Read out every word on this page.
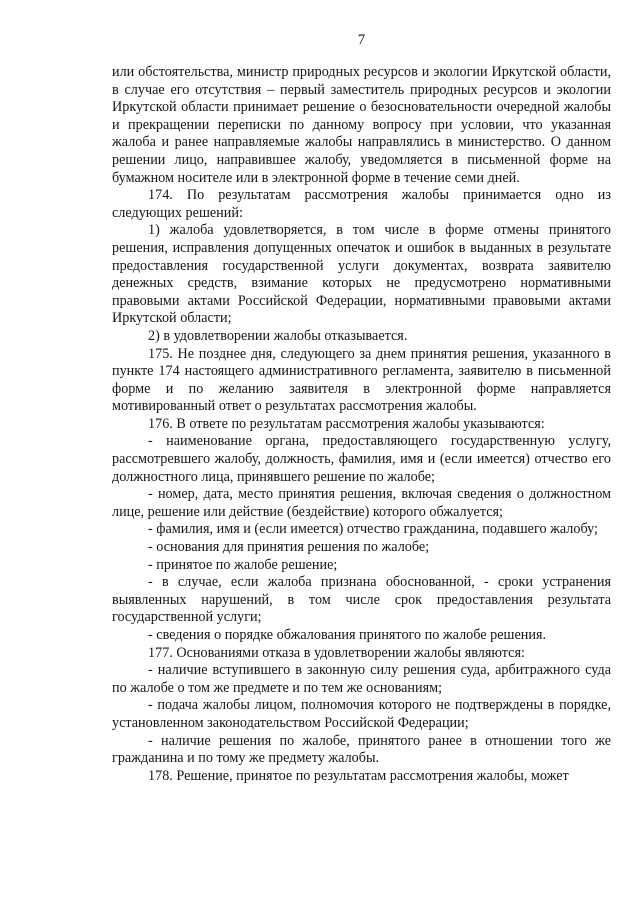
7

или обстоятельства, министр природных ресурсов и экологии Иркутской области, в случае его отсутствия – первый заместитель природных ресурсов и экологии Иркутской области принимает решение о безосновательности очередной жалобы и прекращении переписки по данному вопросу при условии, что указанная жалоба и ранее направляемые жалобы направлялись в министерство. О данном решении лицо, направившее жалобу, уведомляется в письменной форме на бумажном носителе или в электронной форме в течение семи дней.

174. По результатам рассмотрения жалобы принимается одно из следующих решений:

1) жалоба удовлетворяется, в том числе в форме отмены принятого решения, исправления допущенных опечаток и ошибок в выданных в результате предоставления государственной услуги документах, возврата заявителю денежных средств, взимание которых не предусмотрено нормативными правовыми актами Российской Федерации, нормативными правовыми актами Иркутской области;

2) в удовлетворении жалобы отказывается.

175. Не позднее дня, следующего за днем принятия решения, указанного в пункте 174 настоящего административного регламента, заявителю в письменной форме и по желанию заявителя в электронной форме направляется мотивированный ответ о результатах рассмотрения жалобы.

176. В ответе по результатам рассмотрения жалобы указываются:

- наименование органа, предоставляющего государственную услугу, рассмотревшего жалобу, должность, фамилия, имя и (если имеется) отчество его должностного лица, принявшего решение по жалобе;

- номер, дата, место принятия решения, включая сведения о должностном лице, решение или действие (бездействие) которого обжалуется;

- фамилия, имя и (если имеется) отчество гражданина, подавшего жалобу;

- основания для принятия решения по жалобе;

- принятое по жалобе решение;

- в случае, если жалоба признана обоснованной, - сроки устранения выявленных нарушений, в том числе срок предоставления результата государственной услуги;

- сведения о порядке обжалования принятого по жалобе решения.

177. Основаниями отказа в удовлетворении жалобы являются:

- наличие вступившего в законную силу решения суда, арбитражного суда по жалобе о том же предмете и по тем же основаниям;

- подача жалобы лицом, полномочия которого не подтверждены в порядке, установленном законодательством Российской Федерации;

- наличие решения по жалобе, принятого ранее в отношении того же гражданина и по тому же предмету жалобы.

178. Решение, принятое по результатам рассмотрения жалобы, может
